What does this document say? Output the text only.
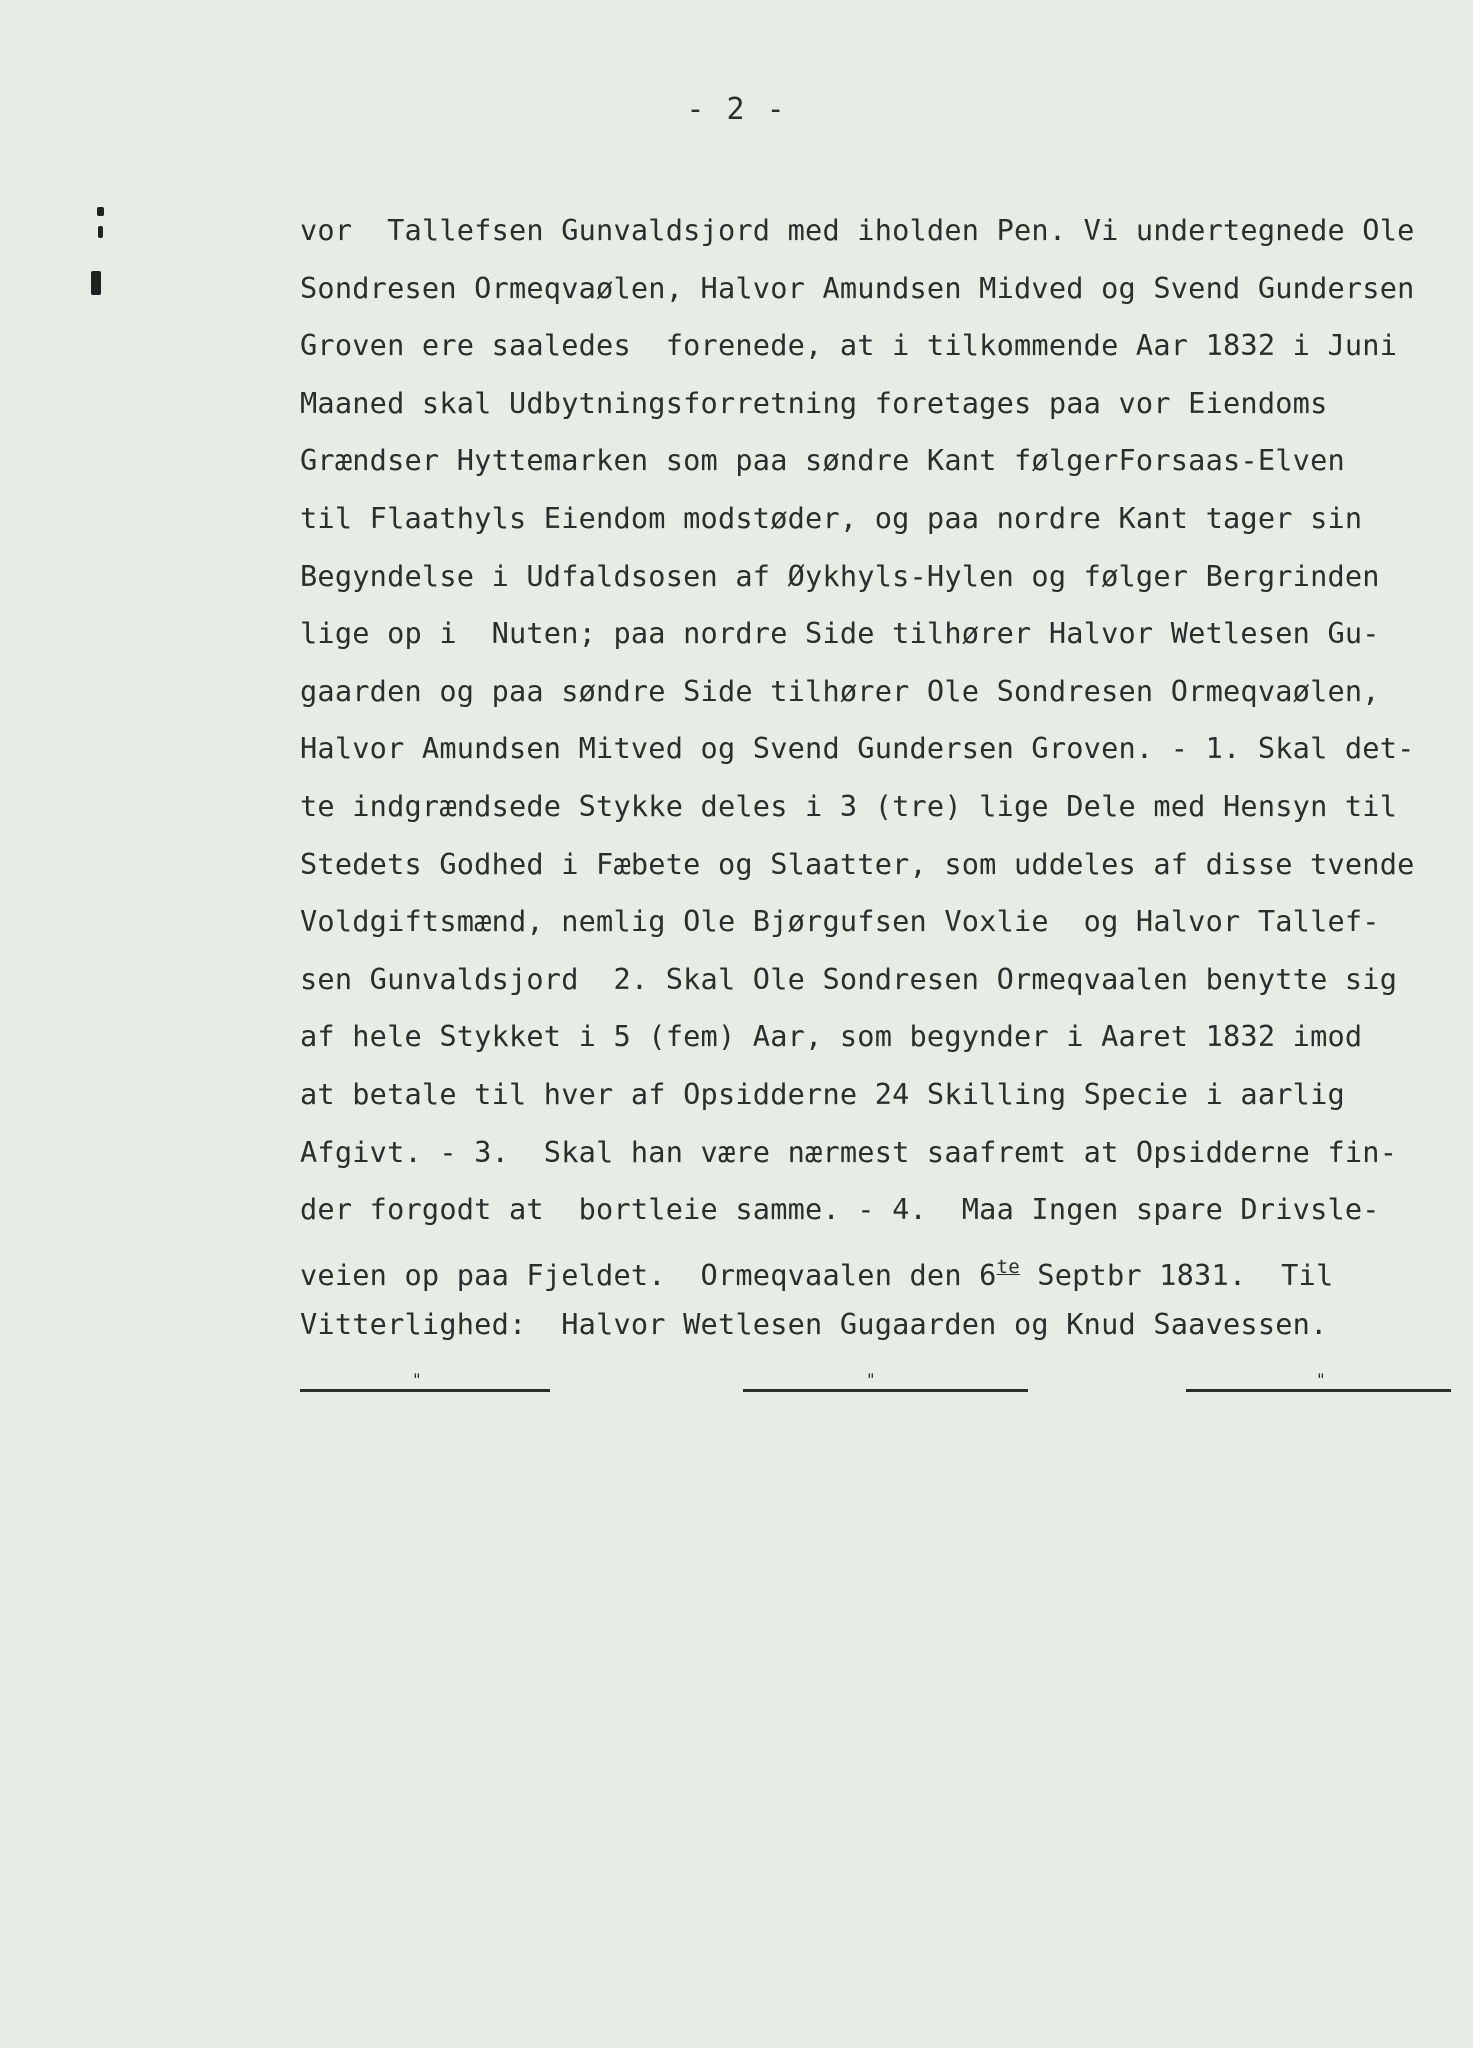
- 2 -
vor  Tallefsen Gunvaldsjord med iholden Pen. Vi undertegnede Ole
Sondresen Ormeqvaølen, Halvor Amundsen Midved og Svend Gundersen
Groven ere saaledes  forenede, at i tilkommende Aar 1832 i Juni
Maaned skal Udbytningsforretning foretages paa vor Eiendoms
Grændser Hyttemarken som paa søndre Kant følgerForsaas-Elven
til Flaathyls Eiendom modstøder, og paa nordre Kant tager sin
Begyndelse i Udfaldsosen af Øykhyls-Hylen og følger Bergrinden
lige op i  Nuten; paa nordre Side tilhører Halvor Wetlesen Gu-
gaarden og paa søndre Side tilhører Ole Sondresen Ormeqvaølen,
Halvor Amundsen Mitved og Svend Gundersen Groven. - 1. Skal det-
te indgrændsede Stykke deles i 3 (tre) lige Dele med Hensyn til
Stedets Godhed i Fæbete og Slaatter, som uddeles af disse tvende
Voldgiftsmænd, nemlig Ole Bjørgufsen Voxlie  og Halvor Tallef-
sen Gunvaldsjord  2. Skal Ole Sondresen Ormeqvaalen benytte sig
af hele Stykket i 5 (fem) Aar, som begynder i Aaret 1832 imod
at betale til hver af Opsidderne 24 Skilling Specie i aarlig
Afgivt. - 3.  Skal han være nærmest saafremt at Opsidderne fin-
der forgodt at  bortleie samme. - 4.  Maa Ingen spare Drivsle-
veien op paa Fjeldet.  Ormeqvaalen den $6^{te}$ Septbr 1831.  Til
Vitterlighed:  Halvor Wetlesen Gugaarden og Knud Saavessen.
"	"	"
